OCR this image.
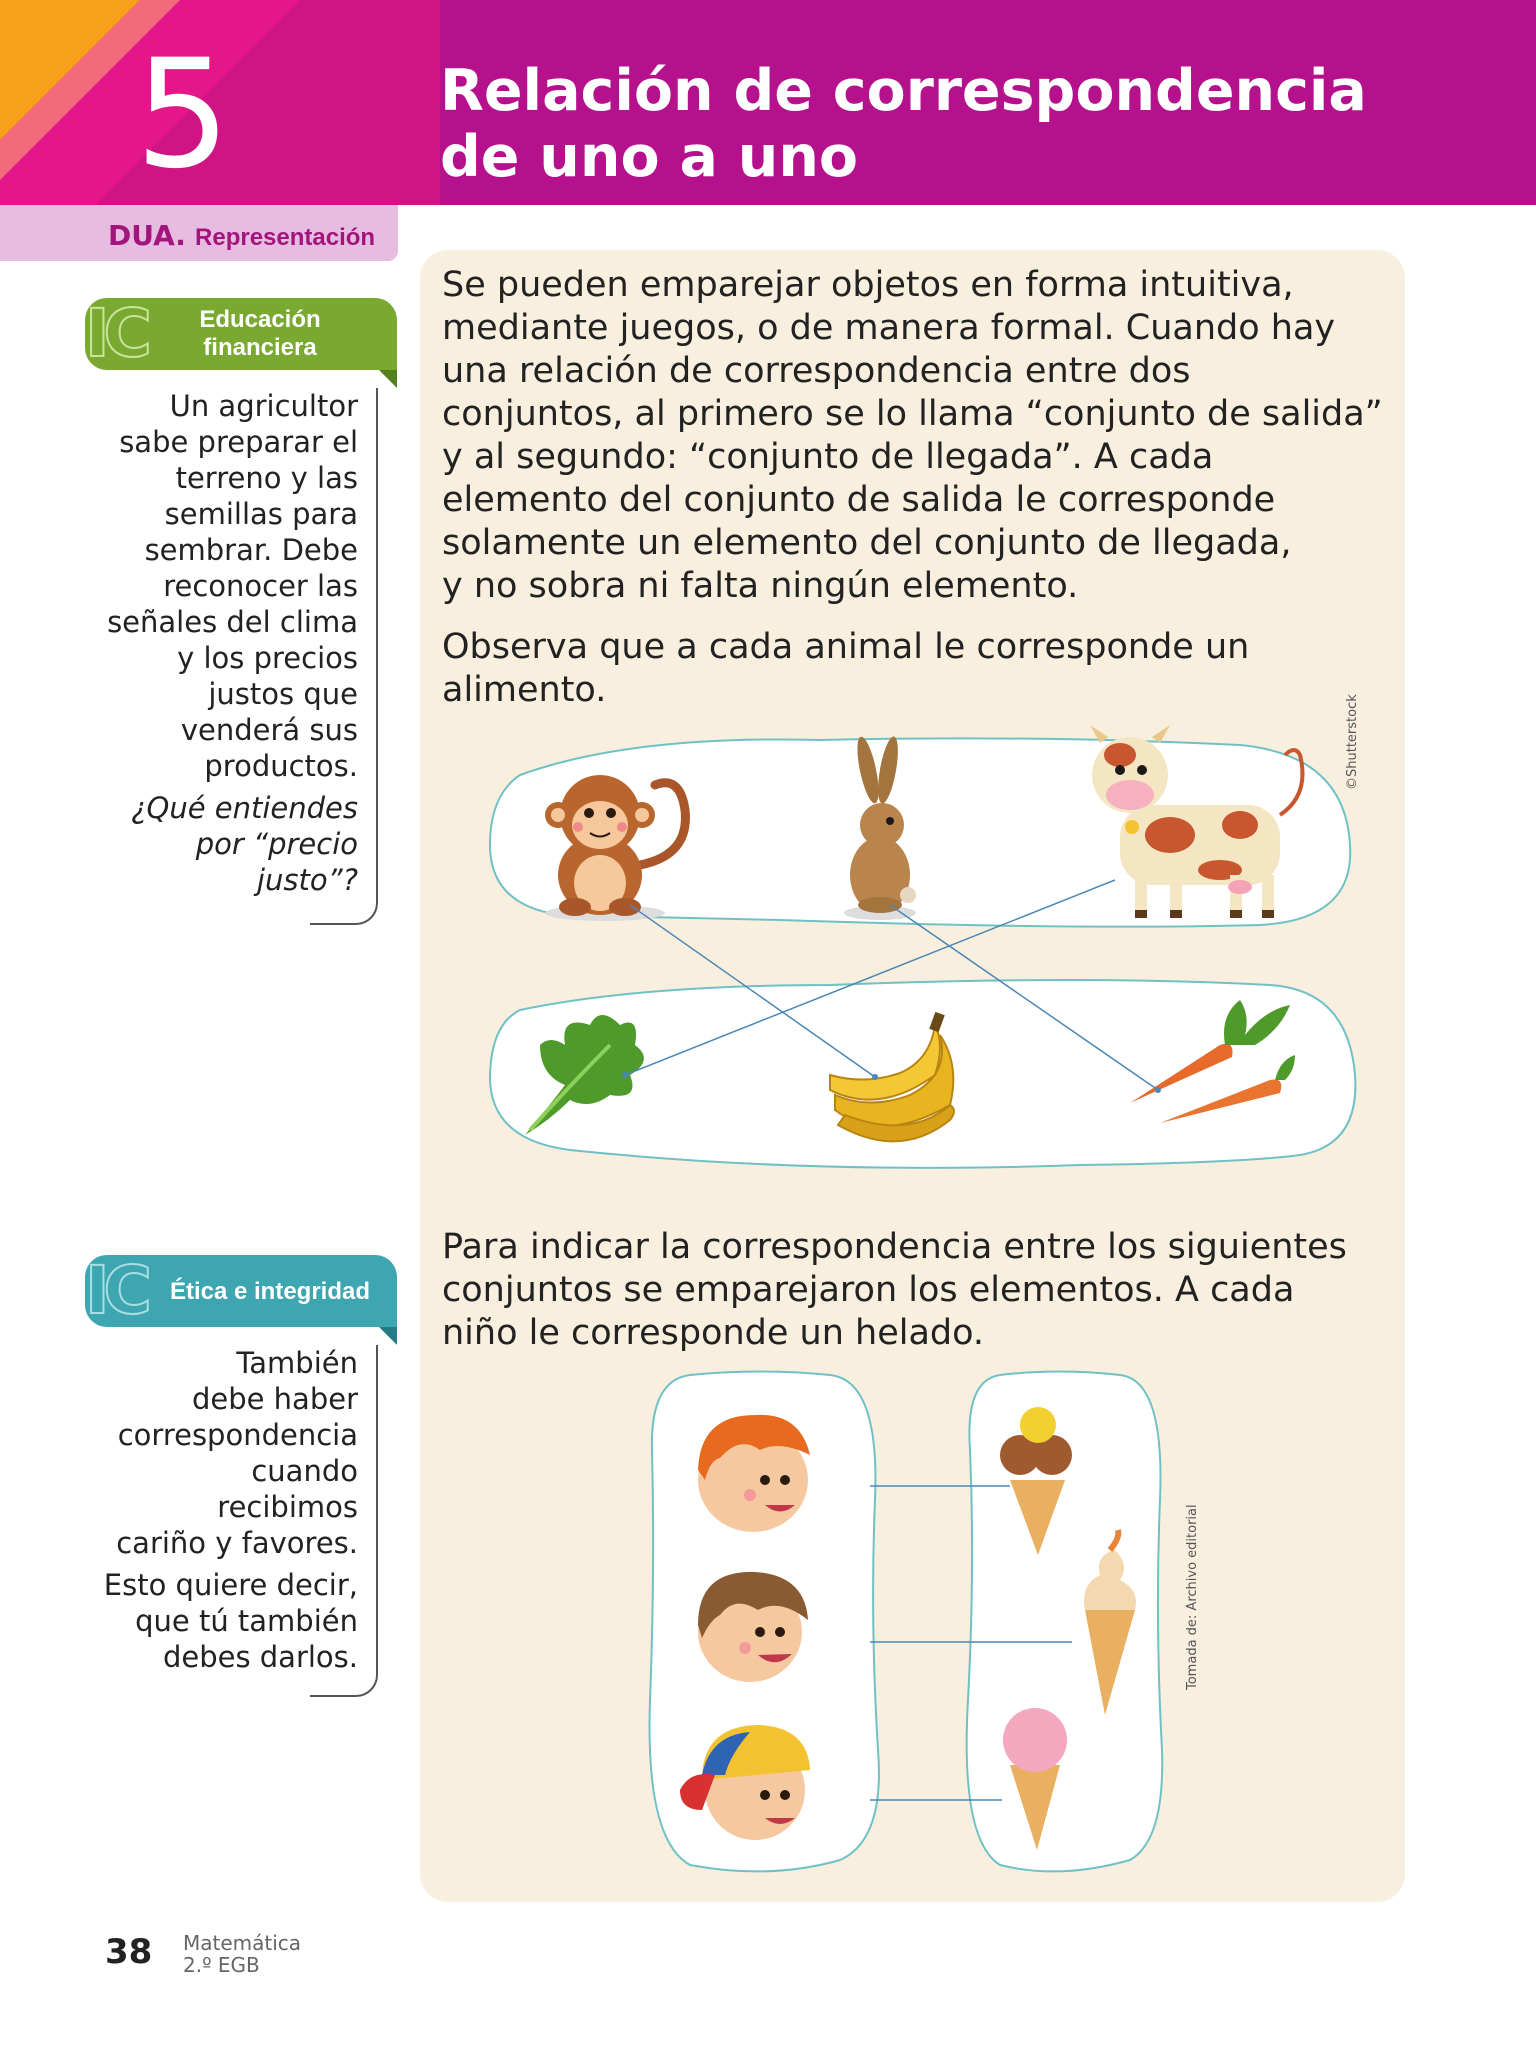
5	Relación de correspondencia
de uno a uno
DUA. Representación
IC	Educación
financiera
Un agricultor
sabe preparar el
terreno y las
semillas para
sembrar. Debe
reconocer las
señales del clima
y los precios
justos que
venderá sus
productos.
¿Qué entiendes
por “precio
justo”?
IC Ética e integridad
También
debe haber
correspondencia
cuando
recibimos
cariño y favores.
Esto quiere decir,
que tú también
debes darlos.
Se pueden emparejar objetos en forma intuitiva,
mediante juegos, o de manera formal. Cuando hay
una relación de correspondencia entre dos
conjuntos, al primero se lo llama “conjunto de salida”
y al segundo: “conjunto de llegada”. A cada
elemento del conjunto de salida le corresponde
solamente un elemento del conjunto de llegada,
y no sobra ni falta ningún elemento.
Observa que a cada animal le corresponde un
alimento.
©Shutterstock
Para indicar la correspondencia entre los siguientes
conjuntos se emparejaron los elementos. A cada
niño le corresponde un helado.
Tomada de: Archivo editorial
38 Matemática
2.º EGB
